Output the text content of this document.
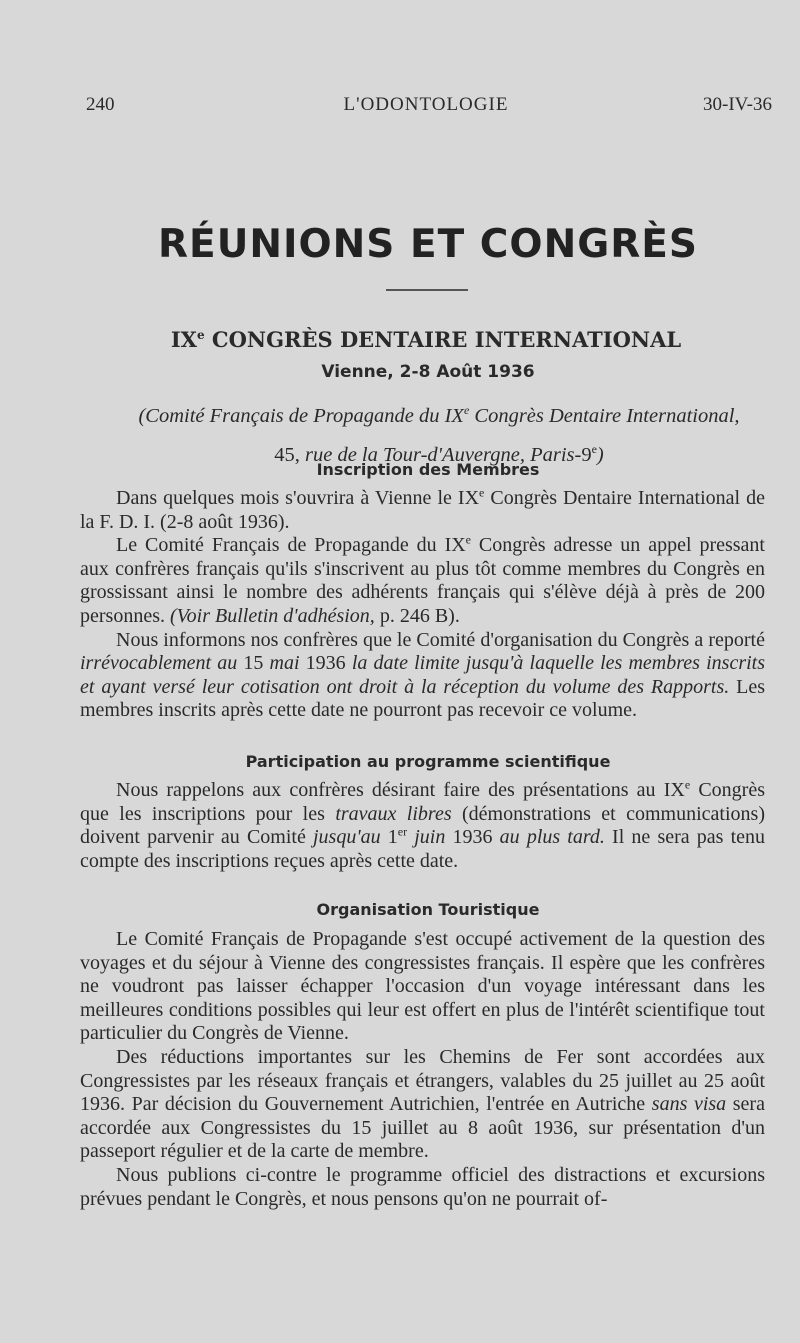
240	L'ODONTOLOGIE	30-IV-36
RÉUNIONS ET CONGRÈS
IXe CONGRÈS DENTAIRE INTERNATIONAL
Vienne, 2-8 Août 1936
(Comité Français de Propagande du IXe Congrès Dentaire International,
45, rue de la Tour-d'Auvergne, Paris-9e)
Inscription des Membres

Dans quelques mois s'ouvrira à Vienne le IXe Congrès Dentaire International de la F. D. I. (2-8 août 1936).

Le Comité Français de Propagande du IXe Congrès adresse un appel pressant aux confrères français qu'ils s'inscrivent au plus tôt comme membres du Congrès en grossissant ainsi le nombre des adhérents français qui s'élève déjà à près de 200 personnes. (Voir Bulletin d'adhésion, p. 246 B).

Nous informons nos confrères que le Comité d'organisation du Congrès a reporté irrévocablement au 15 mai 1936 la date limite jusqu'à laquelle les membres inscrits et ayant versé leur cotisation ont droit à la réception du volume des Rapports. Les membres inscrits après cette date ne pourront pas recevoir ce volume.

Participation au programme scientifique

Nous rappelons aux confrères désirant faire des présentations au IXe Congrès que les inscriptions pour les travaux libres (démonstrations et communications) doivent parvenir au Comité jusqu'au 1er juin 1936 au plus tard. Il ne sera pas tenu compte des inscriptions reçues après cette date.

Organisation Touristique

Le Comité Français de Propagande s'est occupé activement de la question des voyages et du séjour à Vienne des congressistes français. Il espère que les confrères ne voudront pas laisser échapper l'occasion d'un voyage intéressant dans les meilleures conditions possibles qui leur est offert en plus de l'intérêt scientifique tout particulier du Congrès de Vienne.

Des réductions importantes sur les Chemins de Fer sont accordées aux Congressistes par les réseaux français et étrangers, valables du 25 juillet au 25 août 1936. Par décision du Gouvernement Autrichien, l'entrée en Autriche sans visa sera accordée aux Congressistes du 15 juillet au 8 août 1936, sur présentation d'un passeport régulier et de la carte de membre.

Nous publions ci-contre le programme officiel des distractions et excursions prévues pendant le Congrès, et nous pensons qu'on ne pourrait of-
